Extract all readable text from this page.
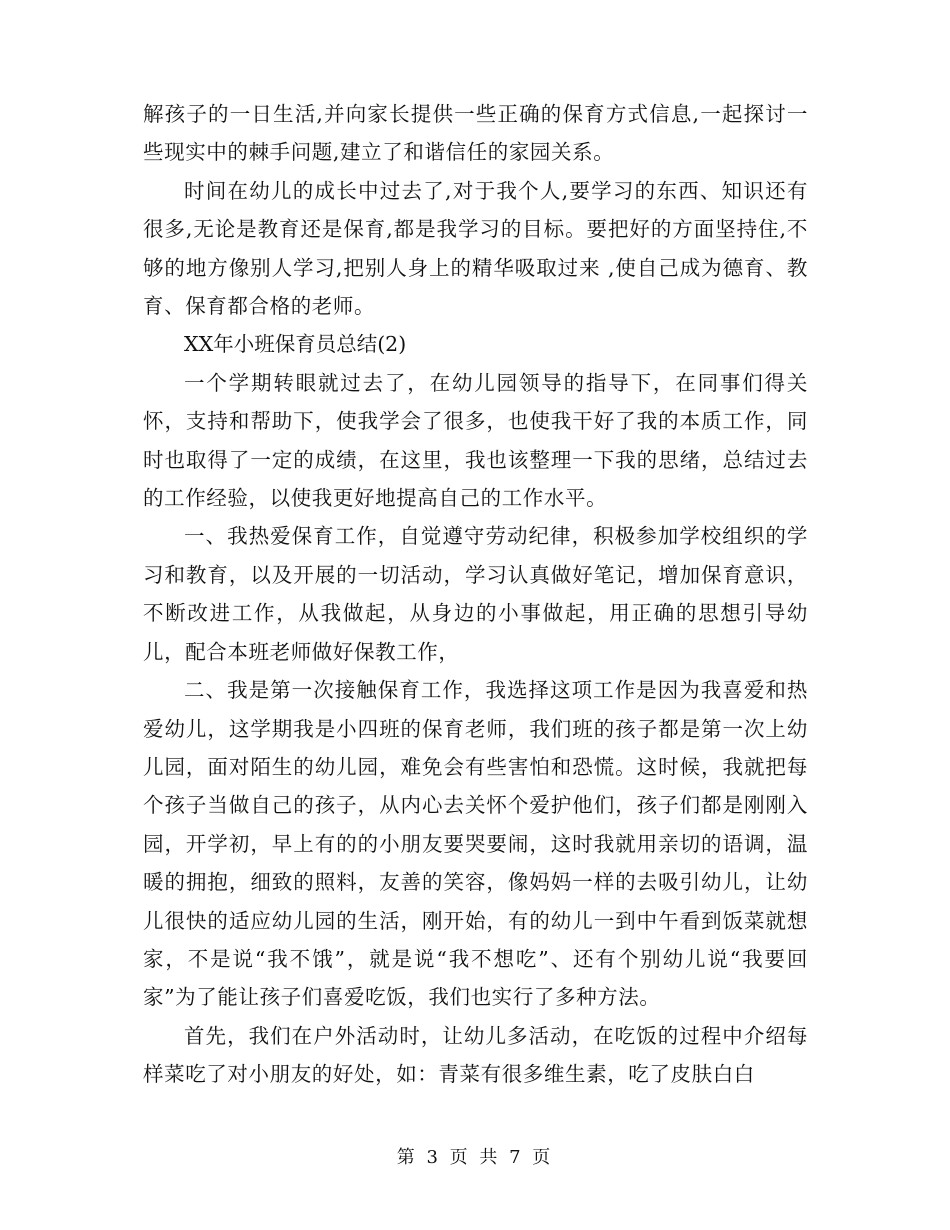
解孩子的一日生活,并向家长提供一些正确的保育方式信息,一起探讨一些现实中的棘手问题,建立了和谐信任的家园关系。

时间在幼儿的成长中过去了,对于我个人,要学习的东西、知识还有很多,无论是教育还是保育,都是我学习的目标。要把好的方面坚持住,不够的地方像别人学习,把别人身上的精华吸取过来 ,使自己成为德育、教育、保育都合格的老师。

XX年小班保育员总结(2)

一个学期转眼就过去了，在幼儿园领导的指导下，在同事们得关怀，支持和帮助下，使我学会了很多，也使我干好了我的本质工作，同时也取得了一定的成绩，在这里，我也该整理一下我的思绪，总结过去的工作经验，以使我更好地提高自己的工作水平。

一、我热爱保育工作，自觉遵守劳动纪律，积极参加学校组织的学习和教育，以及开展的一切活动，学习认真做好笔记，增加保育意识，不断改进工作，从我做起，从身边的小事做起，用正确的思想引导幼儿，配合本班老师做好保教工作，

二、我是第一次接触保育工作，我选择这项工作是因为我喜爱和热爱幼儿，这学期我是小四班的保育老师，我们班的孩子都是第一次上幼儿园，面对陌生的幼儿园，难免会有些害怕和恐慌。这时候，我就把每个孩子当做自己的孩子，从内心去关怀个爱护他们，孩子们都是刚刚入园，开学初，早上有的的小朋友要哭要闹，这时我就用亲切的语调，温暖的拥抱，细致的照料，友善的笑容，像妈妈一样的去吸引幼儿，让幼儿很快的适应幼儿园的生活，刚开始，有的幼儿一到中午看到饭菜就想家，不是说“我不饿”，就是说“我不想吃”、还有个别幼儿说“我要回家”为了能让孩子们喜爱吃饭，我们也实行了多种方法。

首先，我们在户外活动时，让幼儿多活动，在吃饭的过程中介绍每样菜吃了对小朋友的好处，如：青菜有很多维生素，吃了皮肤白白

第 3 页 共 7 页
